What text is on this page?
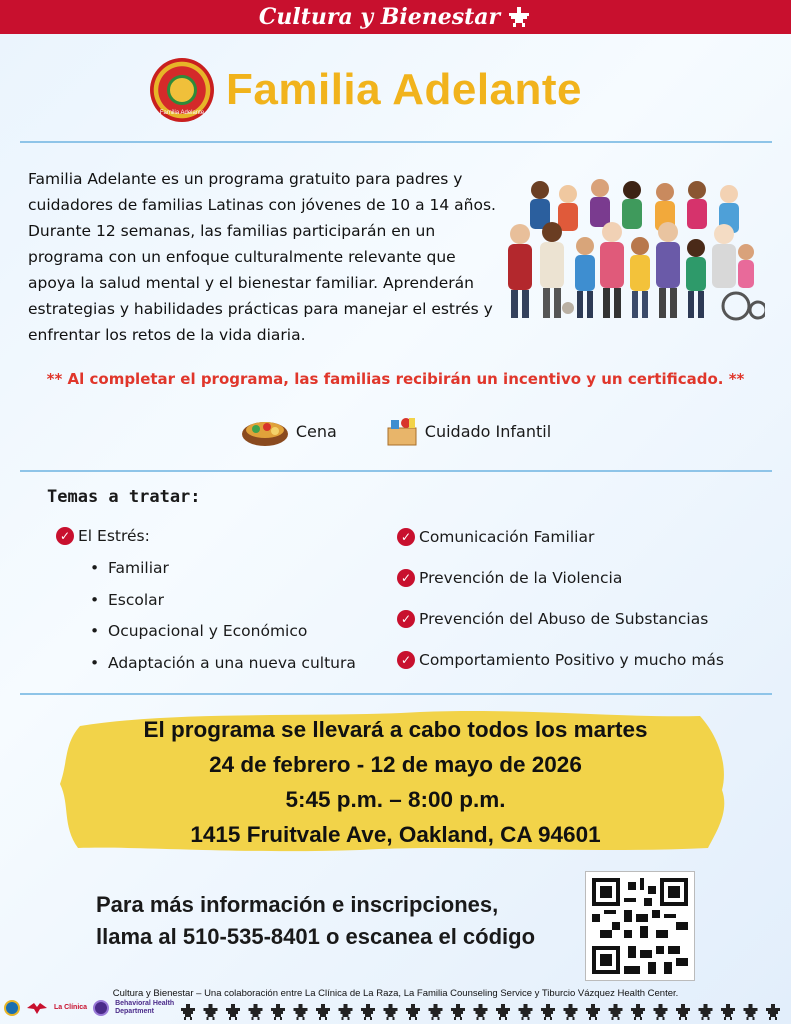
Cultura y Bienestar
Familia Adelante Familia Adelante
Familia Adelante es un programa gratuito para padres y cuidadores de familias Latinas con jóvenes de 10 a 14 años. Durante 12 semanas, las familias participarán en un programa con un enfoque culturalmente relevante que apoya la salud mental y el bienestar familiar. Aprenderán estrategias y habilidades prácticas para manejar el estrés y enfrentar los retos de la vida diaria.
** Al completar el programa, las familias recibirán un incentivo y un certificado. **
Cena	Cuidado Infantil
Temas a tratar:
✓ El Estrés:
• Familiar
• Escolar
• Ocupacional y Económico
• Adaptación a una nueva cultura
✓ Comunicación Familiar
✓ Prevención de la Violencia
✓ Prevención del Abuso de Substancias
✓ Comportamiento Positivo y mucho más
El programa se llevará a cabo todos los martes
24 de febrero - 12 de mayo de 2026
5:45 p.m. – 8:00 p.m.
1415 Fruitvale Ave, Oakland, CA 94601
Para más información e inscripciones,
llama al 510-535-8401 o escanea el código
Cultura y Bienestar – Una colaboración entre La Clínica de La Raza, La Familia Counseling Service y Tiburcio Vázquez Health Center.
La Clínica
Behavioral Health
Department
